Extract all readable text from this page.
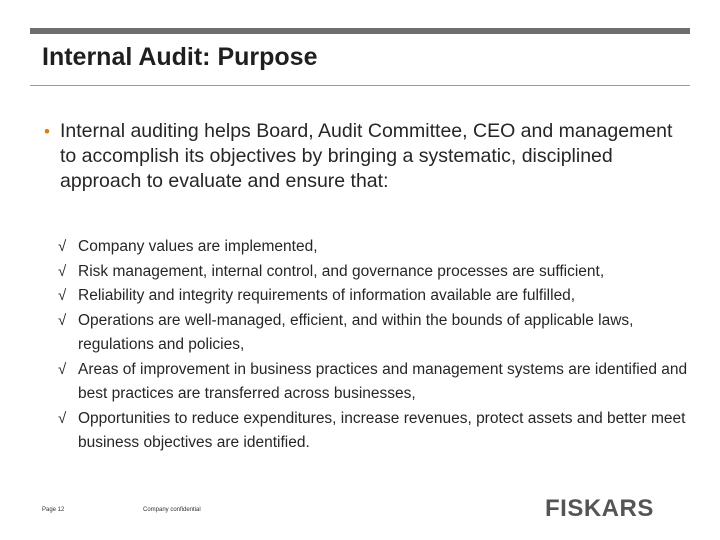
Internal Audit: Purpose
• Internal auditing helps Board, Audit Committee, CEO and management to accomplish its objectives by bringing a systematic, disciplined approach to evaluate and ensure that:
√ Company values are implemented,
√ Risk management, internal control, and governance processes are sufficient,
√ Reliability and integrity requirements of information available are fulfilled,
√ Operations are well-managed, efficient, and within the bounds of applicable laws, regulations and policies,
√ Areas of improvement in business practices and management systems are identified and best practices are transferred across businesses,
√ Opportunities to reduce expenditures, increase revenues, protect assets and better meet business objectives are identified.
Page 12	Company confidential	FISKARS
